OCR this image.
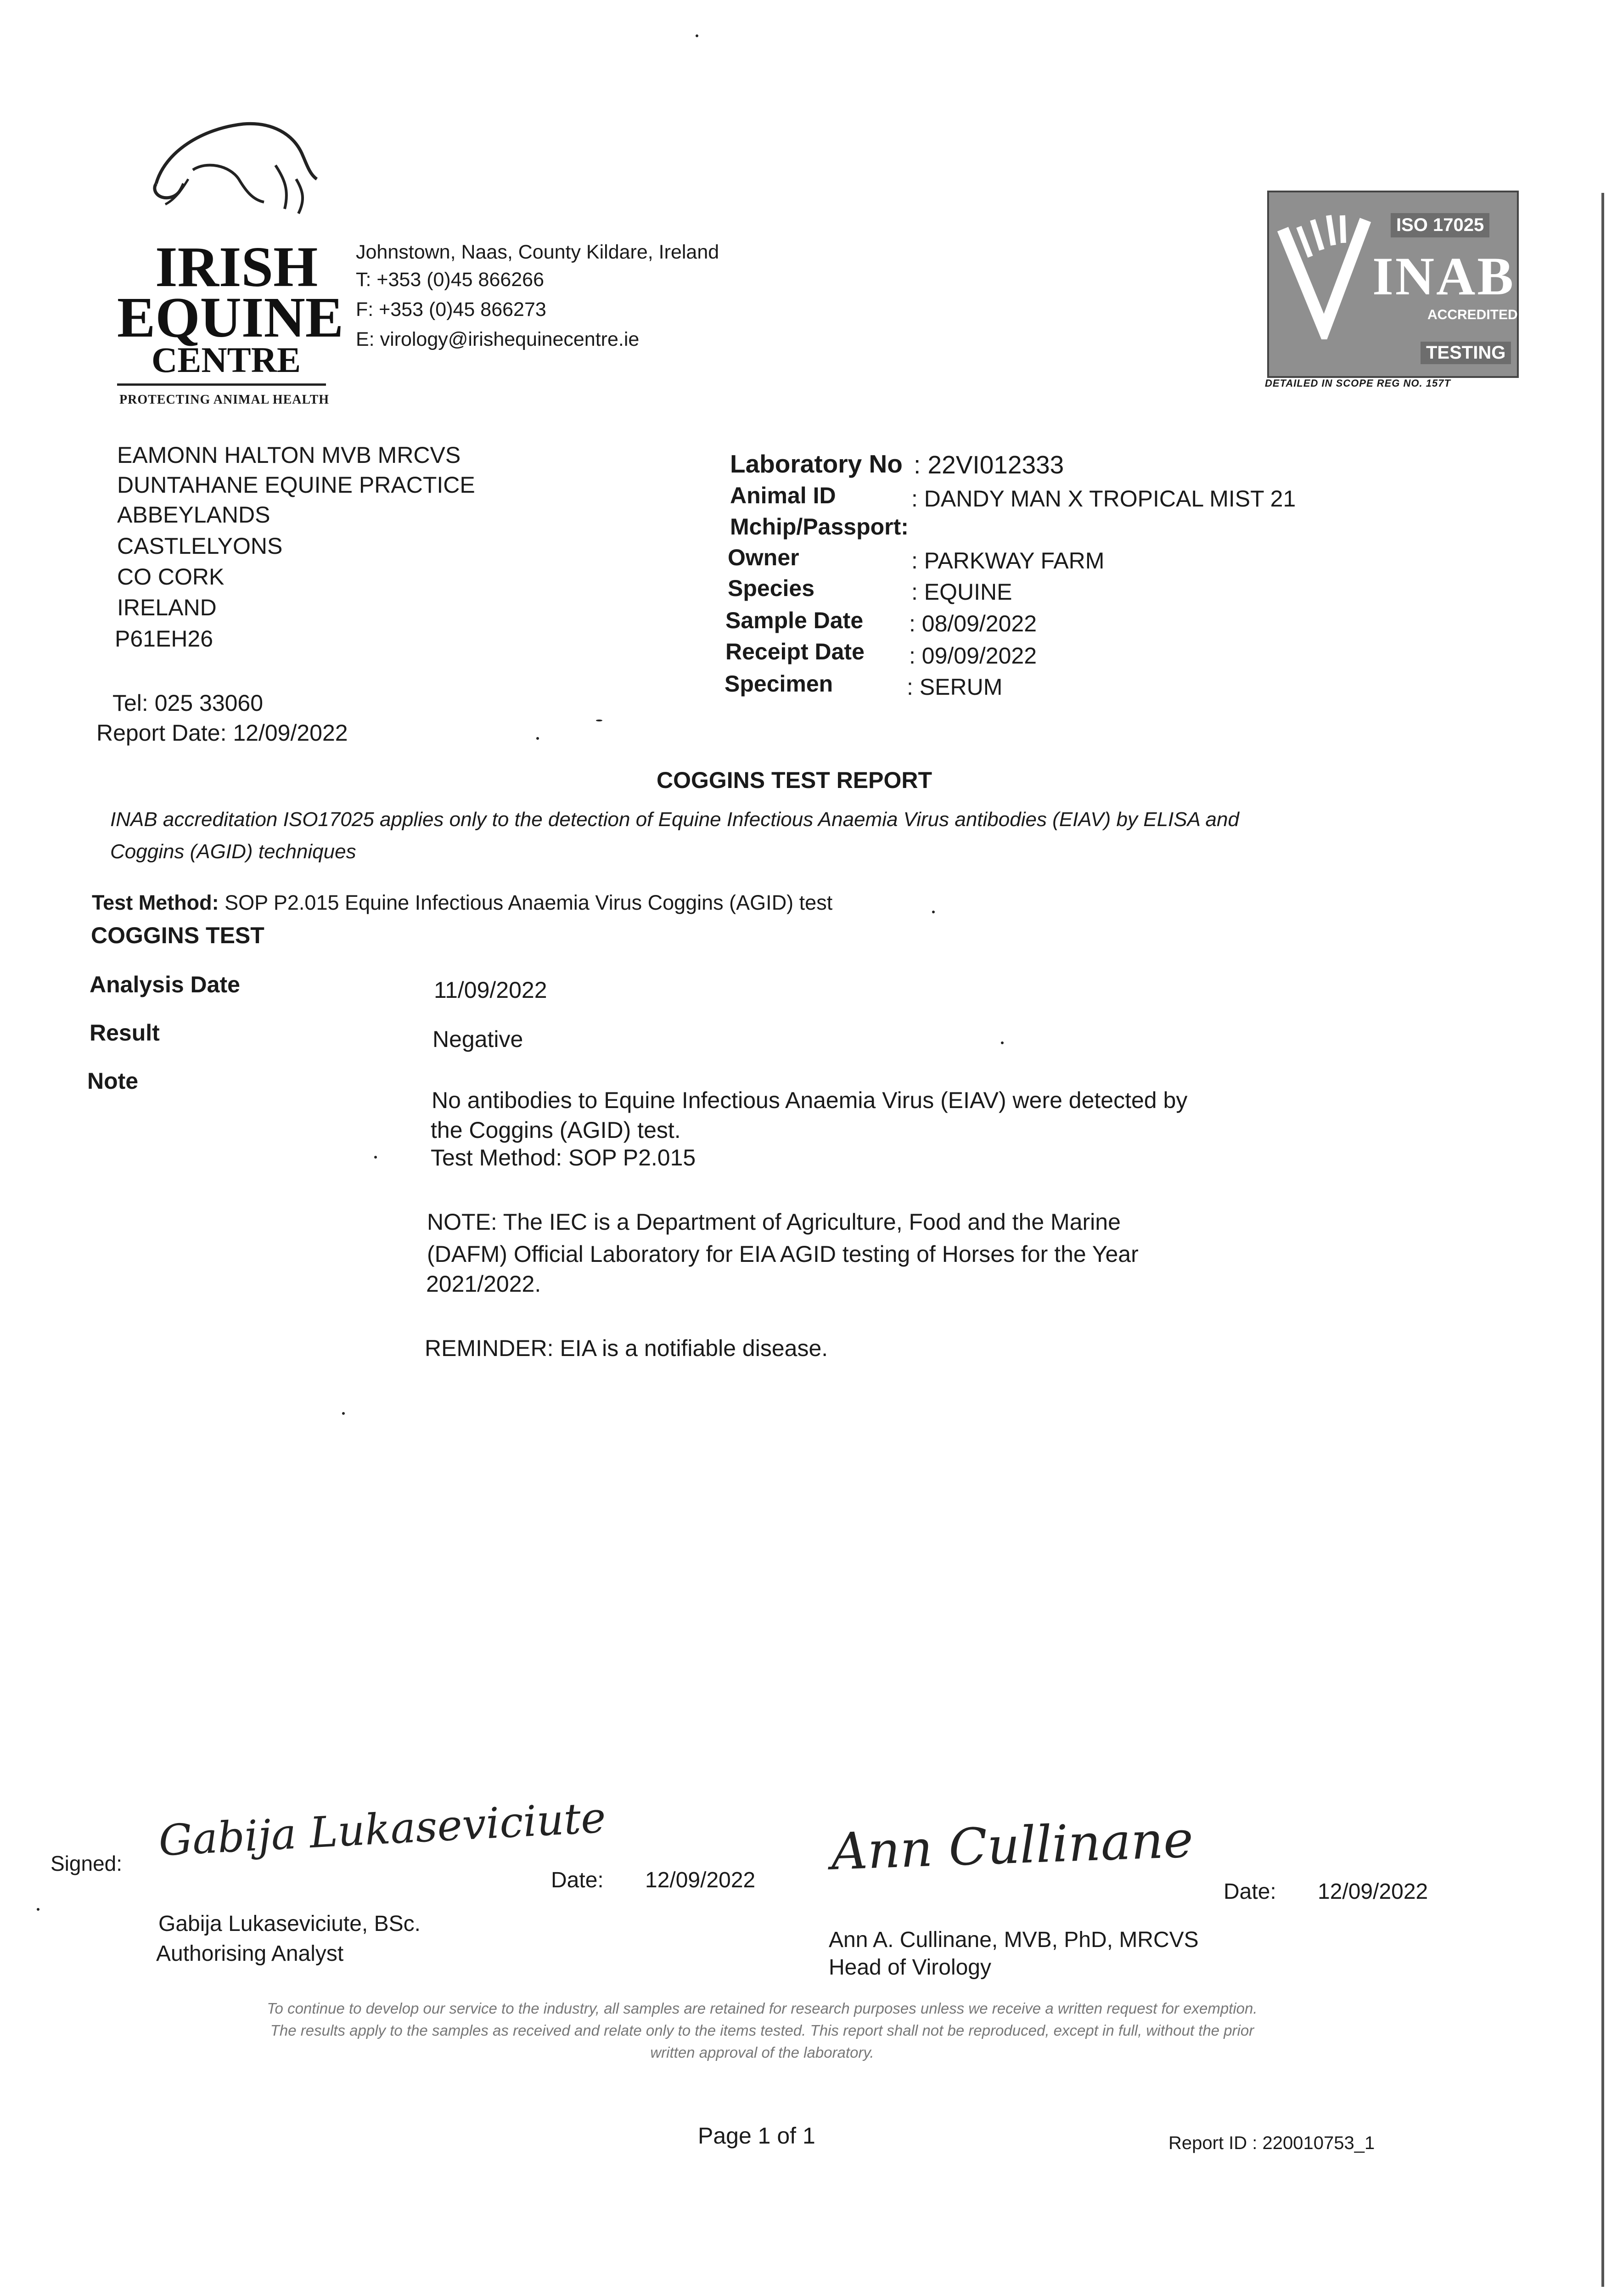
IRISH
EQUINE
CENTRE
PROTECTING ANIMAL HEALTH
Johnstown, Naas, County Kildare, Ireland
T: +353 (0)45 866266
F: +353 (0)45 866273
E: virology@irishequinecentre.ie
ISO 17025
INAB
ACCREDITED
TESTING
DETAILED IN SCOPE REG NO. 157T
EAMONN HALTON MVB MRCVS
DUNTAHANE EQUINE PRACTICE
ABBEYLANDS
CASTLELYONS
CO CORK
IRELAND
P61EH26
Tel: 025 33060
Report Date: 12/09/2022
Laboratory No : 22VI012333
Animal ID	: DANDY MAN X TROPICAL MIST 21
Mchip/Passport:
Owner	: PARKWAY FARM
Species	: EQUINE
Sample Date : 08/09/2022
Receipt Date : 09/09/2022
Specimen	: SERUM
COGGINS TEST REPORT
INAB accreditation ISO17025 applies only to the detection of Equine Infectious Anaemia Virus antibodies (EIAV) by ELISA and
Coggins (AGID) techniques
Test Method: SOP P2.015 Equine Infectious Anaemia Virus Coggins (AGID) test
COGGINS TEST
Analysis Date	11/09/2022
Result	Negative
Note
No antibodies to Equine Infectious Anaemia Virus (EIAV) were detected by
the Coggins (AGID) test.
Test Method: SOP P2.015
NOTE: The IEC is a Department of Agriculture, Food and the Marine
(DAFM) Official Laboratory for EIA AGID testing of Horses for the Year
2021/2022.
REMINDER: EIA is a notifiable disease.
Signed: Gabija Lukaseviciute
Date: 12/09/2022 Ann Cullinane
Date: 12/09/2022
Gabija Lukaseviciute, BSc.
Authorising Analyst
Ann A. Cullinane, MVB, PhD, MRCVS
Head of Virology
To continue to develop our service to the industry, all samples are retained for research purposes unless we receive a written request for exemption.
The results apply to the samples as received and relate only to the items tested. This report shall not be reproduced, except in full, without the prior
written approval of the laboratory.
Page 1 of 1	Report ID : 220010753_1
